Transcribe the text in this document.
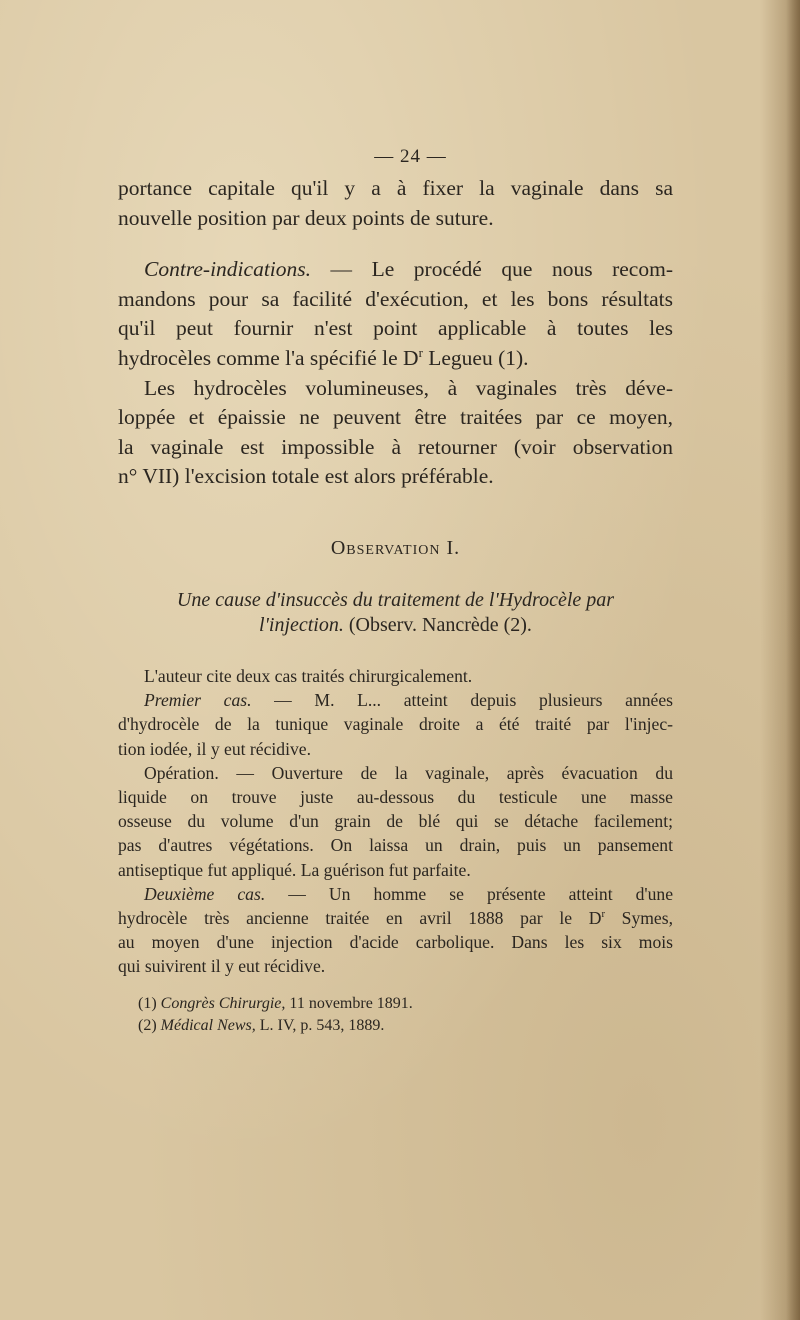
— 24 —

portance capitale qu'il y a à fixer la vaginale dans sa
nouvelle position par deux points de suture.

Contre-indications. — Le procédé que nous recom-
mandons pour sa facilité d'exécution, et les bons résultats
qu'il peut fournir n'est point applicable à toutes les
hydrocèles comme l'a spécifié le $D^r$ Legueu (1).

Les hydrocèles volumineuses, à vaginales très déve-
loppée et épaissie ne peuvent être traitées par ce moyen,
la vaginale est impossible à retourner (voir observation
n° VII) l'excision totale est alors préférable.

Observation I.
Une cause d'insuccès du traitement de l'Hydrocèle par
l'injection. (Observ. Nancrède (2).

L'auteur cite deux cas traités chirurgicalement.

Premier cas. — M. L... atteint depuis plusieurs années
d'hydrocèle de la tunique vaginale droite a été traité par l'injec-
tion iodée, il y eut récidive.

Opération. — Ouverture de la vaginale, après évacuation du
liquide on trouve juste au-dessous du testicule une masse
osseuse du volume d'un grain de blé qui se détache facilement;
pas d'autres végétations. On laissa un drain, puis un pansement
antiseptique fut appliqué. La guérison fut parfaite.

Deuxième cas. — Un homme se présente atteint d'une
hydrocèle très ancienne traitée en avril 1888 par le $D^r$ Symes,
au moyen d'une injection d'acide carbolique. Dans les six mois
qui suivirent il y eut récidive.

(1) Congrès Chirurgie, 11 novembre 1891.
(2) Médical News, L. IV, p. 543, 1889.
